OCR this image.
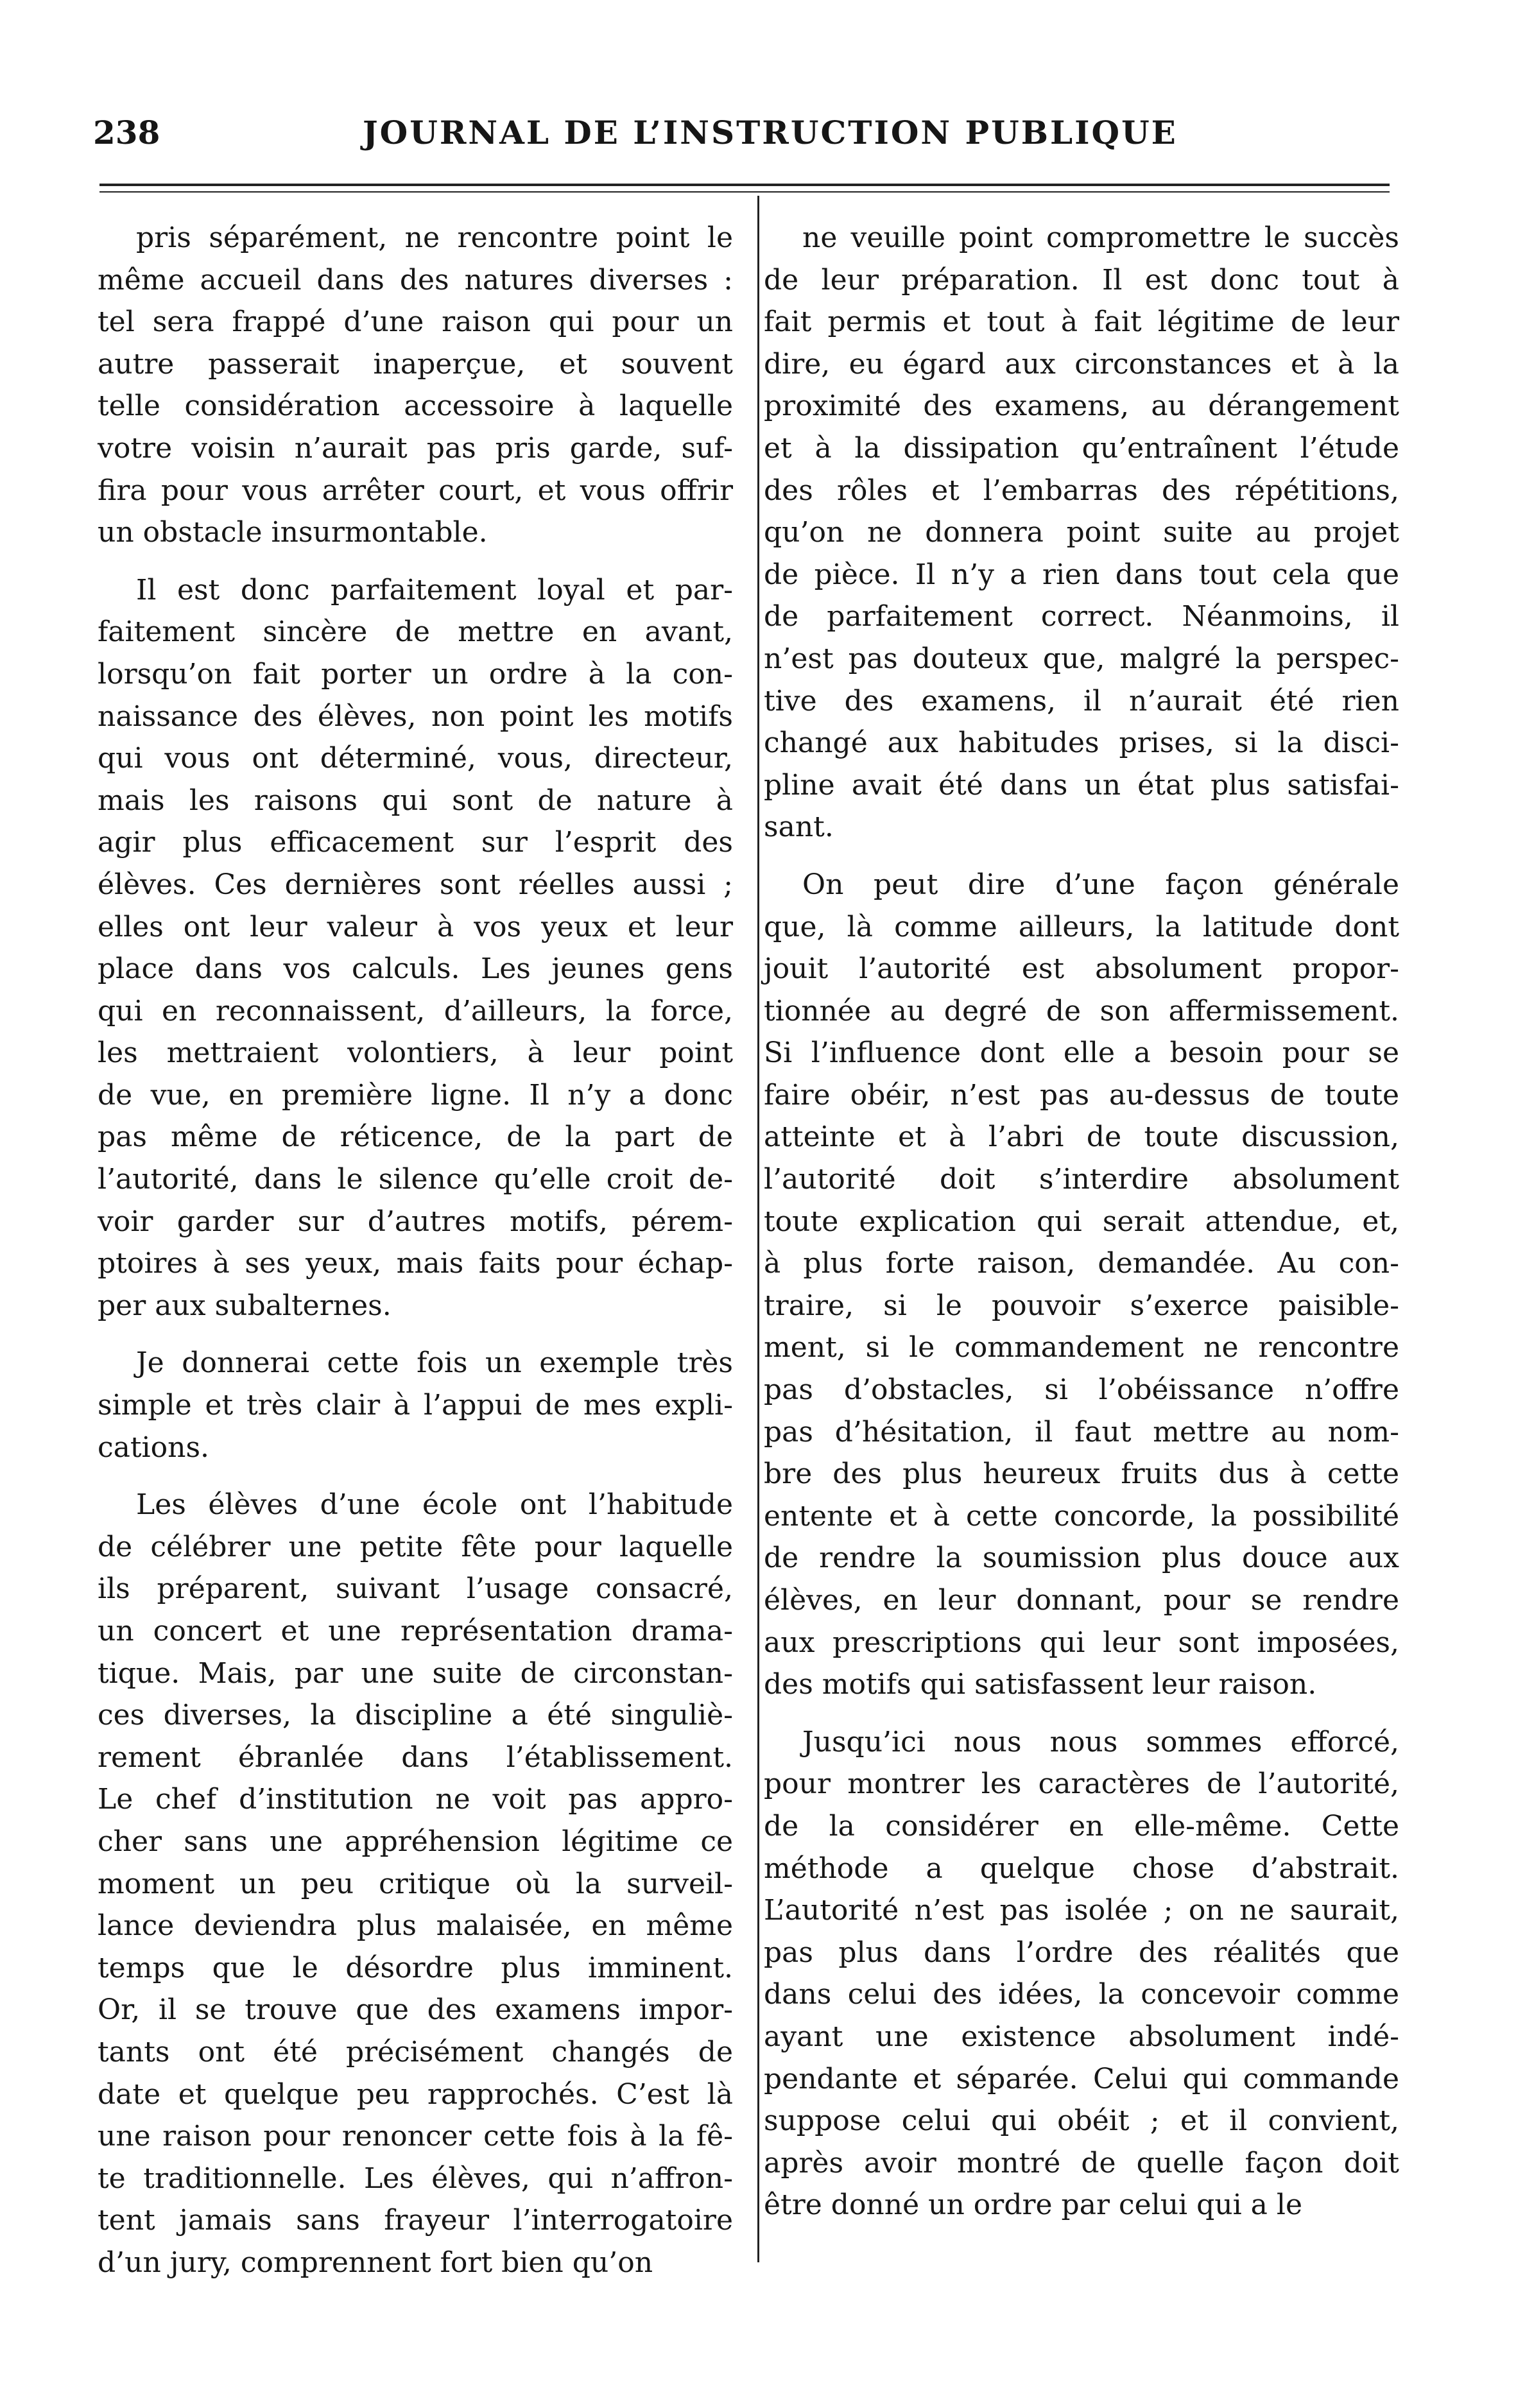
238	JOURNAL DE L’INSTRUCTION PUBLIQUE
pris séparément, ne rencontre point le
même accueil dans des natures diverses :
tel sera frappé d’une raison qui pour un
autre passerait inaperçue, et souvent
telle considération accessoire à laquelle
votre voisin n’aurait pas pris garde, suf-
fira pour vous arrêter court, et vous offrir
un obstacle insurmontable.
Il est donc parfaitement loyal et par-
faitement sincère de mettre en avant,
lorsqu’on fait porter un ordre à la con-
naissance des élèves, non point les motifs
qui vous ont déterminé, vous, directeur,
mais les raisons qui sont de nature à
agir plus efficacement sur l’esprit des
élèves. Ces dernières sont réelles aussi ;
elles ont leur valeur à vos yeux et leur
place dans vos calculs. Les jeunes gens
qui en reconnaissent, d’ailleurs, la force,
les mettraient volontiers, à leur point
de vue, en première ligne. Il n’y a donc
pas même de réticence, de la part de
l’autorité, dans le silence qu’elle croit de-
voir garder sur d’autres motifs, pérem-
ptoires à ses yeux, mais faits pour échap-
per aux subalternes.
Je donnerai cette fois un exemple très
simple et très clair à l’appui de mes expli-
cations.
Les élèves d’une école ont l’habitude
de célébrer une petite fête pour laquelle
ils préparent, suivant l’usage consacré,
un concert et une représentation drama-
tique. Mais, par une suite de circonstan-
ces diverses, la discipline a été singuliè-
rement ébranlée dans l’établissement.
Le chef d’institution ne voit pas appro-
cher sans une appréhension légitime ce
moment un peu critique où la surveil-
lance deviendra plus malaisée, en même
temps que le désordre plus imminent.
Or, il se trouve que des examens impor-
tants ont été précisément changés de
date et quelque peu rapprochés. C’est là
une raison pour renoncer cette fois à la fê-
te traditionnelle. Les élèves, qui n’affron-
tent jamais sans frayeur l’interrogatoire
d’un jury, comprennent fort bien qu’on
ne veuille point compromettre le succès
de leur préparation. Il est donc tout à
fait permis et tout à fait légitime de leur
dire, eu égard aux circonstances et à la
proximité des examens, au dérangement
et à la dissipation qu’entraînent l’étude
des rôles et l’embarras des répétitions,
qu’on ne donnera point suite au projet
de pièce. Il n’y a rien dans tout cela que
de parfaitement correct. Néanmoins, il
n’est pas douteux que, malgré la perspec-
tive des examens, il n’aurait été rien
changé aux habitudes prises, si la disci-
pline avait été dans un état plus satisfai-
sant.
On peut dire d’une façon générale
que, là comme ailleurs, la latitude dont
jouit l’autorité est absolument propor-
tionnée au degré de son affermissement.
Si l’influence dont elle a besoin pour se
faire obéir, n’est pas au-dessus de toute
atteinte et à l’abri de toute discussion,
l’autorité doit s’interdire absolument
toute explication qui serait attendue, et,
à plus forte raison, demandée. Au con-
traire, si le pouvoir s’exerce paisible-
ment, si le commandement ne rencontre
pas d’obstacles, si l’obéissance n’offre
pas d’hésitation, il faut mettre au nom-
bre des plus heureux fruits dus à cette
entente et à cette concorde, la possibilité
de rendre la soumission plus douce aux
élèves, en leur donnant, pour se rendre
aux prescriptions qui leur sont imposées,
des motifs qui satisfassent leur raison.
Jusqu’ici nous nous sommes efforcé,
pour montrer les caractères de l’autorité,
de la considérer en elle-même. Cette
méthode a quelque chose d’abstrait.
L’autorité n’est pas isolée ; on ne saurait,
pas plus dans l’ordre des réalités que
dans celui des idées, la concevoir comme
ayant une existence absolument indé-
pendante et séparée. Celui qui commande
suppose celui qui obéit ; et il convient,
après avoir montré de quelle façon doit
être donné un ordre par celui qui a le
